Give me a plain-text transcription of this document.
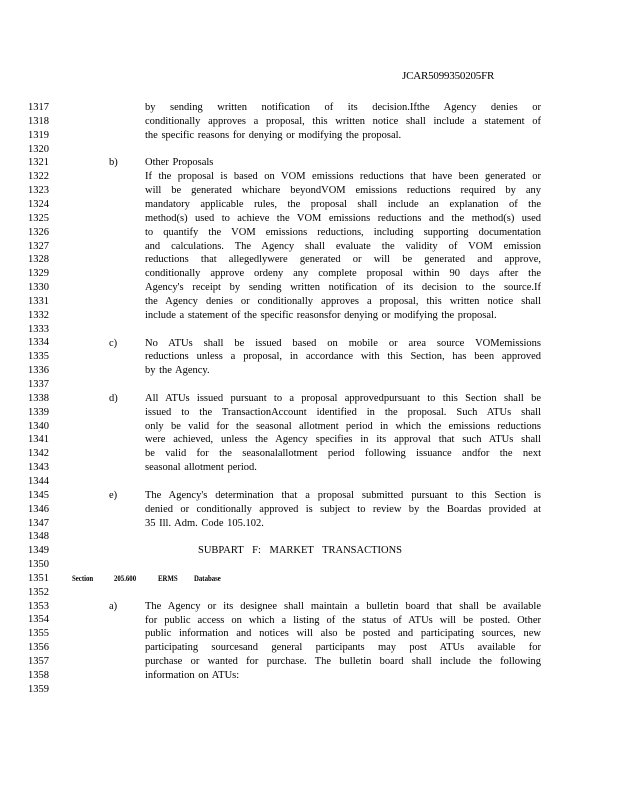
JCAR5099350205FR
1317
1318
1319
1320
1321
1322
1323
1324
1325
1326
1327
1328
1329
1330
1331
1332
1333
1334
1335
1336
1337
1338
1339
1340
1341
1342
1343
1344
1345
1346
1347
1348
1349
1350
1351
1352
1353
1354
1355
1356
1357
1358
1359
by sending written notification of its decision.Ifthe Agency denies or
conditionally approves a proposal, this written notice shall include a statement of
the specific reasons for denying or modifying the proposal.
b)	Other Proposals
If the proposal is based on VOM emissions reductions that have been generated or
will be generated whichare beyondVOM emissions reductions required by any
mandatory applicable rules, the proposal shall include an explanation of the
method(s) used to achieve the VOM emissions reductions and the method(s) used
to quantify the VOM emissions reductions, including supporting documentation
and calculations. The Agency shall evaluate the validity of VOM emission
reductions that allegedlywere generated or will be generated and approve,
conditionally approve ordeny any complete proposal within 90 days after the
Agency's receipt by sending written notification of its decision to the source.If
the Agency denies or conditionally approves a proposal, this written notice shall
include a statement of the specific reasonsfor denying or modifying the proposal.
c)	No ATUs shall be issued based on mobile or area source VOMemissions
reductions unless a proposal, in accordance with this Section, has been approved
by the Agency.
d)	All ATUs issued pursuant to a proposal approvedpursuant to this Section shall be
issued to the TransactionAccount identified in the proposal. Such ATUs shall
only be valid for the seasonal allotment period in which the emissions reductions
were achieved, unless the Agency specifies in its approval that such ATUs shall
be valid for the seasonalallotment period following issuance andfor the next
seasonal allotment period.
e)	The Agency's determination that a proposal submitted pursuant to this Section is
denied or conditionally approved is subject to review by the Boardas provided at
35 Ill. Adm. Code 105.102.
SUBPART F: MARKET TRANSACTIONS
Section	205.600	ERMS Database
a)	The Agency or its designee shall maintain a bulletin board that shall be available
for public access on which a listing of the status of ATUs will be posted. Other
public information and notices will also be posted and participating sources, new
participating sourcesand general participants may post ATUs available for
purchase or wanted for purchase. The bulletin board shall include the following
information on ATUs:
